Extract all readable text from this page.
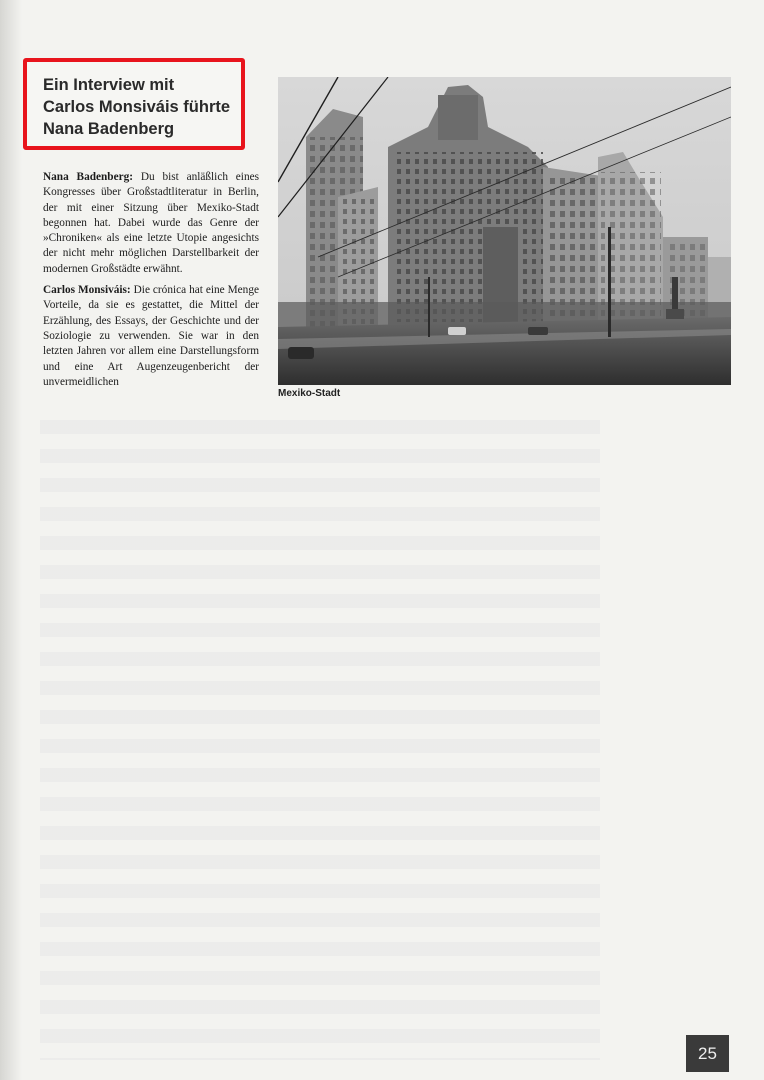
Ein Interview mit
Carlos Monsiváis führte
Nana Badenberg

Nana Badenberg: Du bist anläßlich eines Kongresses über Großstadtliteratur in Berlin, der mit einer Sitzung über Mexiko-Stadt begonnen hat. Dabei wurde das Genre der »Chroniken« als eine letzte Utopie angesichts der nicht mehr möglichen Darstellbarkeit der modernen Großstädte erwähnt.

Carlos Monsiváis: Die crónica hat eine Menge Vorteile, da sie es gestattet, die Mittel der Erzählung, des Essays, der Geschichte und der Soziologie zu verwenden. Sie war in den letzten Jahren vor allem eine Darstellungsform und eine Art Augenzeugenbericht der unvermeidlichen

Mexiko-Stadt
25
